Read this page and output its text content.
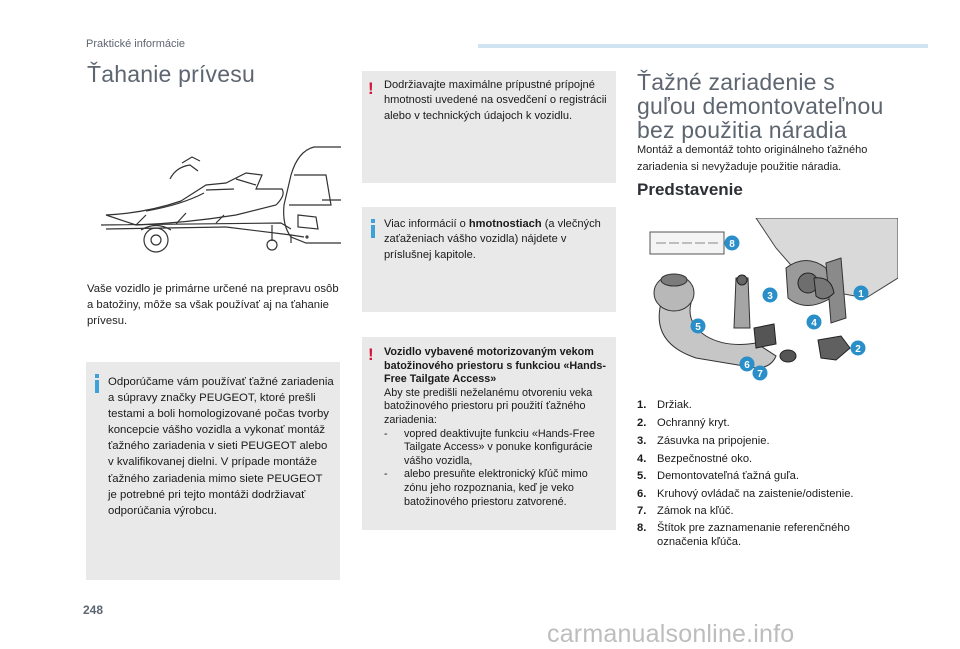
Praktické informácie
Ťahanie prívesu
Vaše vozidlo je primárne určené na prepravu osôb a batožiny, môže sa však používať aj na ťahanie prívesu.
Odporúčame vám používať ťažné zariadenia a súpravy značky PEUGEOT, ktoré prešli testami a boli homologizované počas tvorby koncepcie vášho vozidla a vykonať montáž ťažného zariadenia v sieti PEUGEOT alebo v kvalifikovanej dielni. V prípade montáže ťažného zariadenia mimo siete PEUGEOT je potrebné pri tejto montáži dodržiavať odporúčania výrobcu.
! Dodržiavajte maximálne prípustné prípojné hmotnosti uvedené na osvedčení o registrácii alebo v technických údajoch k vozidlu.
Viac informácií o hmotnostiach (a vlečných zaťaženiach vášho vozidla) nájdete v príslušnej kapitole.
! Vozidlo vybavené motorizovaným vekom batožinového priestoru s funkciou «Hands-Free Tailgate Access»
Aby ste predišli neželanému otvoreniu veka batožinového priestoru pri použití ťažného zariadenia:
- vopred deaktivujte funkciu «Hands-Free Tailgate Access» v ponuke konfigurácie vášho vozidla,
- alebo presuňte elektronický kľúč mimo zónu jeho rozpoznania, keď je veko batožinového priestoru zatvorené.
Ťažné zariadenie s guľou demontovateľnou bez použitia náradia
Montáž a demontáž tohto originálneho ťažného zariadenia si nevyžaduje použitie náradia.
Predstavenie
8
3	1
5	4
2
6
7
1. Držiak.
2. Ochranný kryt.
3. Zásuvka na pripojenie.
4. Bezpečnostné oko.
5. Demontovateľná ťažná guľa.
6. Kruhový ovládač na zaistenie/odistenie.
7. Zámok na kľúč.
8. Štítok pre zaznamenanie referenčného označenia kľúča.
248
carmanualsonline.info
